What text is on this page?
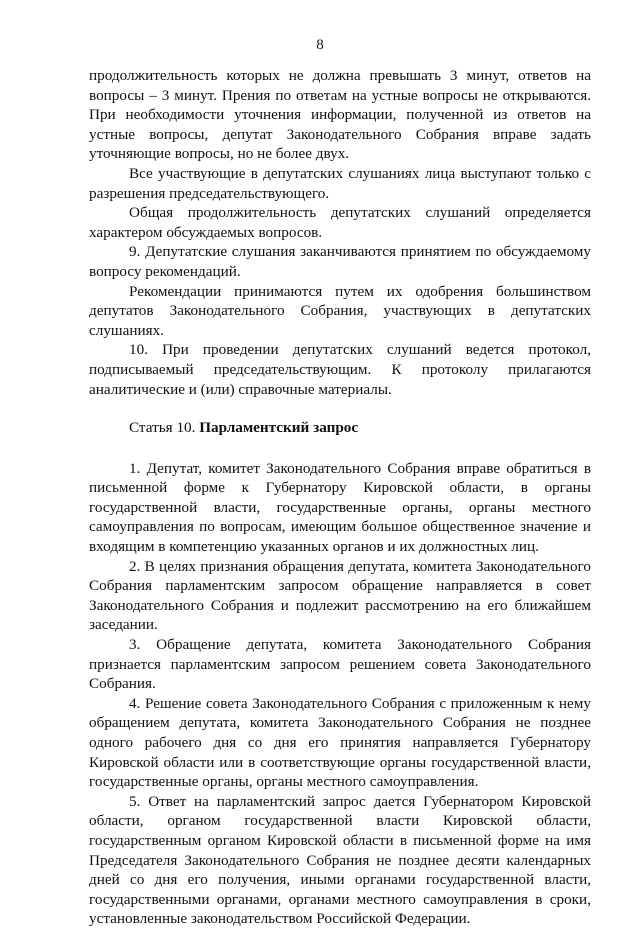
8

продолжительность которых не должна превышать 3 минут, ответов на вопросы – 3 минут. Прения по ответам на устные вопросы не открываются. При необходимости уточнения информации, полученной из ответов на устные вопросы, депутат Законодательного Собрания вправе задать уточняющие вопросы, но не более двух.

Все участвующие в депутатских слушаниях лица выступают только с разрешения председательствующего.

Общая продолжительность депутатских слушаний определяется характером обсуждаемых вопросов.

9. Депутатские слушания заканчиваются принятием по обсуждаемому вопросу рекомендаций.

Рекомендации принимаются путем их одобрения большинством депутатов Законодательного Собрания, участвующих в депутатских слушаниях.

10. При проведении депутатских слушаний ведется протокол, подписываемый председательствующим. К протоколу прилагаются аналитические и (или) справочные материалы.

Статья 10. Парламентский запрос

1. Депутат, комитет Законодательного Собрания вправе обратиться в письменной форме к Губернатору Кировской области, в органы государственной власти, государственные органы, органы местного самоуправления по вопросам, имеющим большое общественное значение и входящим в компетенцию указанных органов и их должностных лиц.

2. В целях признания обращения депутата, комитета Законодательного Собрания парламентским запросом обращение направляется в совет Законодательного Собрания и подлежит рассмотрению на его ближайшем заседании.

3. Обращение депутата, комитета Законодательного Собрания признается парламентским запросом решением совета Законодательного Собрания.

4. Решение совета Законодательного Собрания с приложенным к нему обращением депутата, комитета Законодательного Собрания не позднее одного рабочего дня со дня его принятия направляется Губернатору Кировской области или в соответствующие органы государственной власти, государственные органы, органы местного самоуправления.

5. Ответ на парламентский запрос дается Губернатором Кировской области, органом государственной власти Кировской области, государственным органом Кировской области в письменной форме на имя Председателя Законодательного Собрания не позднее десяти календарных дней со дня его получения, иными органами государственной власти, государственными органами, органами местного самоуправления в сроки, установленные законодательством Российской Федерации.
